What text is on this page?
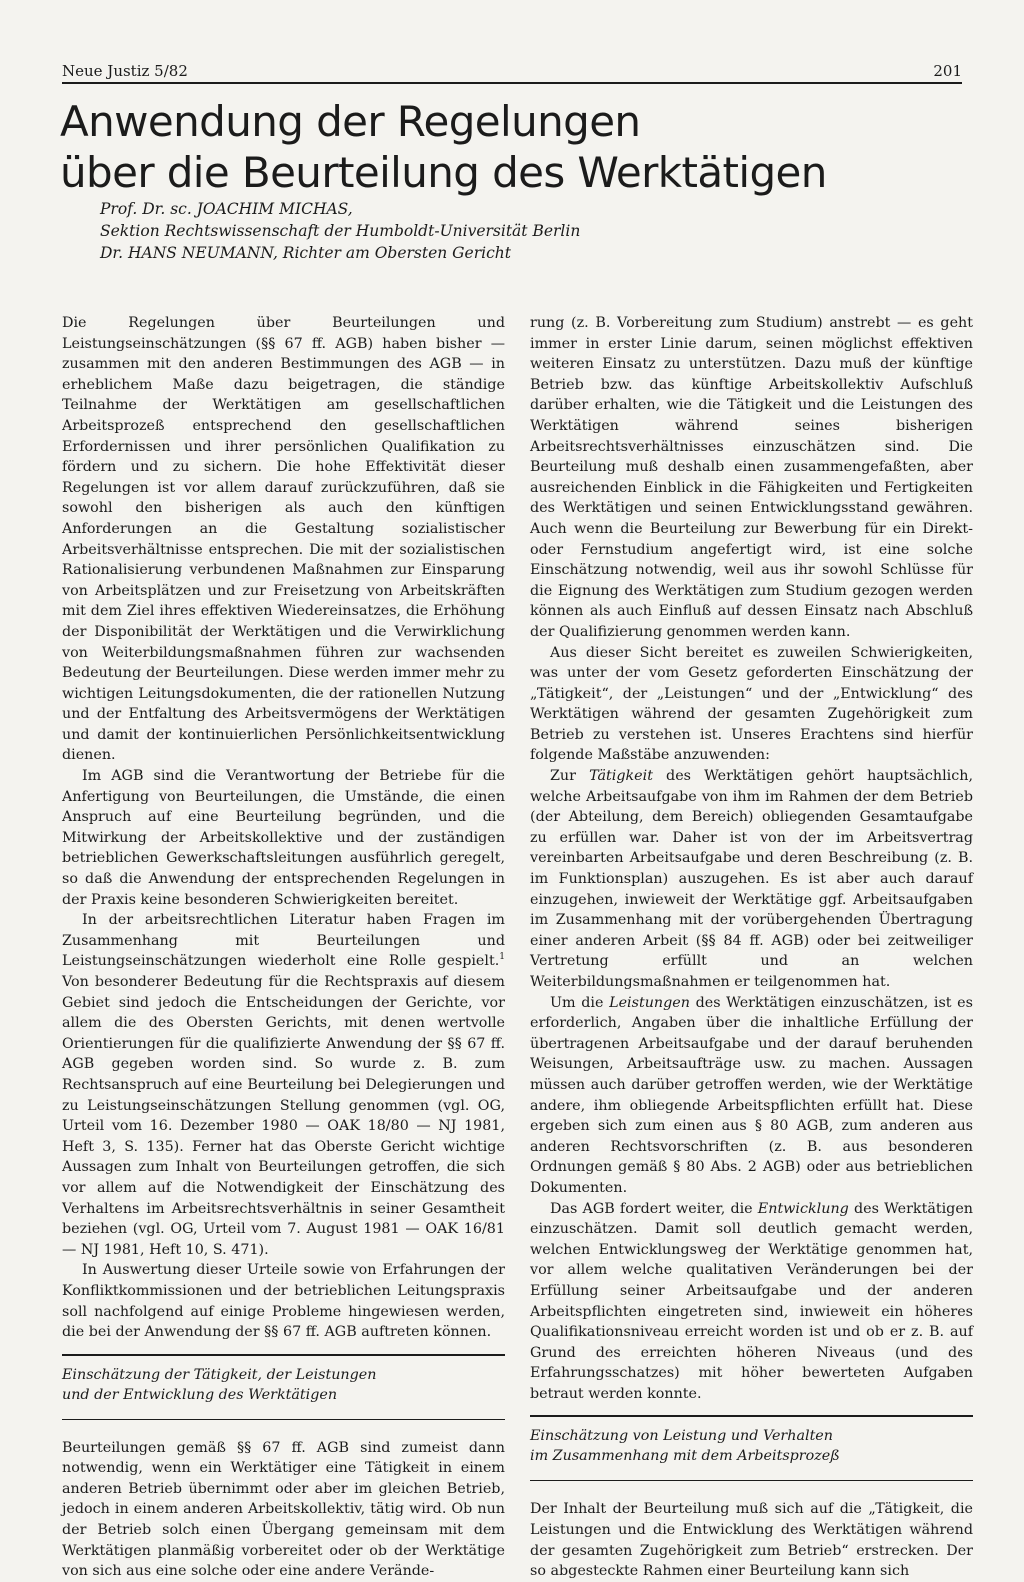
Neue Justiz 5/82	201
Anwendung der Regelungen
über die Beurteilung des Werktätigen
Prof. Dr. sc. JOACHIM MICHAS,
Sektion Rechtswissenschaft der Humboldt-Universität Berlin
Dr. HANS NEUMANN, Richter am Obersten Gericht

Die Regelungen über Beurteilungen und Leistungseinschätzungen (§§ 67 ff. AGB) haben bisher — zusammen mit den anderen Bestimmungen des AGB — in erheblichem Maße dazu beigetragen, die ständige Teilnahme der Werktätigen am gesellschaftlichen Arbeitsprozeß entsprechend den gesellschaftlichen Erfordernissen und ihrer persönlichen Qualifikation zu fördern und zu sichern. Die hohe Effektivität dieser Regelungen ist vor allem darauf zurückzuführen, daß sie sowohl den bisherigen als auch den künftigen Anforderungen an die Gestaltung sozialistischer Arbeitsverhältnisse entsprechen. Die mit der sozialistischen Rationalisierung verbundenen Maßnahmen zur Einsparung von Arbeitsplätzen und zur Freisetzung von Arbeitskräften mit dem Ziel ihres effektiven Wiedereinsatzes, die Erhöhung der Disponibilität der Werktätigen und die Verwirklichung von Weiterbildungsmaßnahmen führen zur wachsenden Bedeutung der Beurteilungen. Diese werden immer mehr zu wichtigen Leitungsdokumenten, die der rationellen Nutzung und der Entfaltung des Arbeitsvermögens der Werktätigen und damit der kontinuierlichen Persönlichkeitsentwicklung dienen.

Im AGB sind die Verantwortung der Betriebe für die Anfertigung von Beurteilungen, die Umstände, die einen Anspruch auf eine Beurteilung begründen, und die Mitwirkung der Arbeitskollektive und der zuständigen betrieblichen Gewerkschaftsleitungen ausführlich geregelt, so daß die Anwendung der entsprechenden Regelungen in der Praxis keine besonderen Schwierigkeiten bereitet.

In der arbeitsrechtlichen Literatur haben Fragen im Zusammenhang mit Beurteilungen und Leistungseinschätzungen wiederholt eine Rolle gespielt.$^1$ Von besonderer Bedeutung für die Rechtspraxis auf diesem Gebiet sind jedoch die Entscheidungen der Gerichte, vor allem die des Obersten Gerichts, mit denen wertvolle Orientierungen für die qualifizierte Anwendung der §§ 67 ff. AGB gegeben worden sind. So wurde z. B. zum Rechtsanspruch auf eine Beurteilung bei Delegierungen und zu Leistungseinschätzungen Stellung genommen (vgl. OG, Urteil vom 16. Dezember 1980 — OAK 18/80 — NJ 1981, Heft 3, S. 135). Ferner hat das Oberste Gericht wichtige Aussagen zum Inhalt von Beurteilungen getroffen, die sich vor allem auf die Notwendigkeit der Einschätzung des Verhaltens im Arbeitsrechtsverhältnis in seiner Gesamtheit beziehen (vgl. OG, Urteil vom 7. August 1981 — OAK 16/81 — NJ 1981, Heft 10, S. 471).

In Auswertung dieser Urteile sowie von Erfahrungen der Konfliktkommissionen und der betrieblichen Leitungspraxis soll nachfolgend auf einige Probleme hingewiesen werden, die bei der Anwendung der §§ 67 ff. AGB auftreten können.

Einschätzung der Tätigkeit, der Leistungen
und der Entwicklung des Werktätigen

Beurteilungen gemäß §§ 67 ff. AGB sind zumeist dann notwendig, wenn ein Werktätiger eine Tätigkeit in einem anderen Betrieb übernimmt oder aber im gleichen Betrieb, jedoch in einem anderen Arbeitskollektiv, tätig wird. Ob nun der Betrieb solch einen Übergang gemeinsam mit dem Werktätigen planmäßig vorbereitet oder ob der Werktätige von sich aus eine solche oder eine andere Verände-

rung (z. B. Vorbereitung zum Studium) anstrebt — es geht immer in erster Linie darum, seinen möglichst effektiven weiteren Einsatz zu unterstützen. Dazu muß der künftige Betrieb bzw. das künftige Arbeitskollektiv Aufschluß darüber erhalten, wie die Tätigkeit und die Leistungen des Werktätigen während seines bisherigen Arbeitsrechtsverhältnisses einzuschätzen sind. Die Beurteilung muß deshalb einen zusammengefaßten, aber ausreichenden Einblick in die Fähigkeiten und Fertigkeiten des Werktätigen und seinen Entwicklungsstand gewähren. Auch wenn die Beurteilung zur Bewerbung für ein Direkt- oder Fernstudium angefertigt wird, ist eine solche Einschätzung notwendig, weil aus ihr sowohl Schlüsse für die Eignung des Werktätigen zum Studium gezogen werden können als auch Einfluß auf dessen Einsatz nach Abschluß der Qualifizierung genommen werden kann.

Aus dieser Sicht bereitet es zuweilen Schwierigkeiten, was unter der vom Gesetz geforderten Einschätzung der „Tätigkeit“, der „Leistungen“ und der „Entwicklung“ des Werktätigen während der gesamten Zugehörigkeit zum Betrieb zu verstehen ist. Unseres Erachtens sind hierfür folgende Maßstäbe anzuwenden:

Zur Tätigkeit des Werktätigen gehört hauptsächlich, welche Arbeitsaufgabe von ihm im Rahmen der dem Betrieb (der Abteilung, dem Bereich) obliegenden Gesamtaufgabe zu erfüllen war. Daher ist von der im Arbeitsvertrag vereinbarten Arbeitsaufgabe und deren Beschreibung (z. B. im Funktionsplan) auszugehen. Es ist aber auch darauf einzugehen, inwieweit der Werktätige ggf. Arbeitsaufgaben im Zusammenhang mit der vorübergehenden Übertragung einer anderen Arbeit (§§ 84 ff. AGB) oder bei zeitweiliger Vertretung erfüllt und an welchen Weiterbildungsmaßnahmen er teilgenommen hat.

Um die Leistungen des Werktätigen einzuschätzen, ist es erforderlich, Angaben über die inhaltliche Erfüllung der übertragenen Arbeitsaufgabe und der darauf beruhenden Weisungen, Arbeitsaufträge usw. zu machen. Aussagen müssen auch darüber getroffen werden, wie der Werktätige andere, ihm obliegende Arbeitspflichten erfüllt hat. Diese ergeben sich zum einen aus § 80 AGB, zum anderen aus anderen Rechtsvorschriften (z. B. aus besonderen Ordnungen gemäß § 80 Abs. 2 AGB) oder aus betrieblichen Dokumenten.

Das AGB fordert weiter, die Entwicklung des Werktätigen einzuschätzen. Damit soll deutlich gemacht werden, welchen Entwicklungsweg der Werktätige genommen hat, vor allem welche qualitativen Veränderungen bei der Erfüllung seiner Arbeitsaufgabe und der anderen Arbeitspflichten eingetreten sind, inwieweit ein höheres Qualifikationsniveau erreicht worden ist und ob er z. B. auf Grund des erreichten höheren Niveaus (und des Erfahrungsschatzes) mit höher bewerteten Aufgaben betraut werden konnte.

Einschätzung von Leistung und Verhalten
im Zusammenhang mit dem Arbeitsprozeß

Der Inhalt der Beurteilung muß sich auf die „Tätigkeit, die Leistungen und die Entwicklung des Werktätigen während der gesamten Zugehörigkeit zum Betrieb“ erstrecken. Der so abgesteckte Rahmen einer Beurteilung kann sich
